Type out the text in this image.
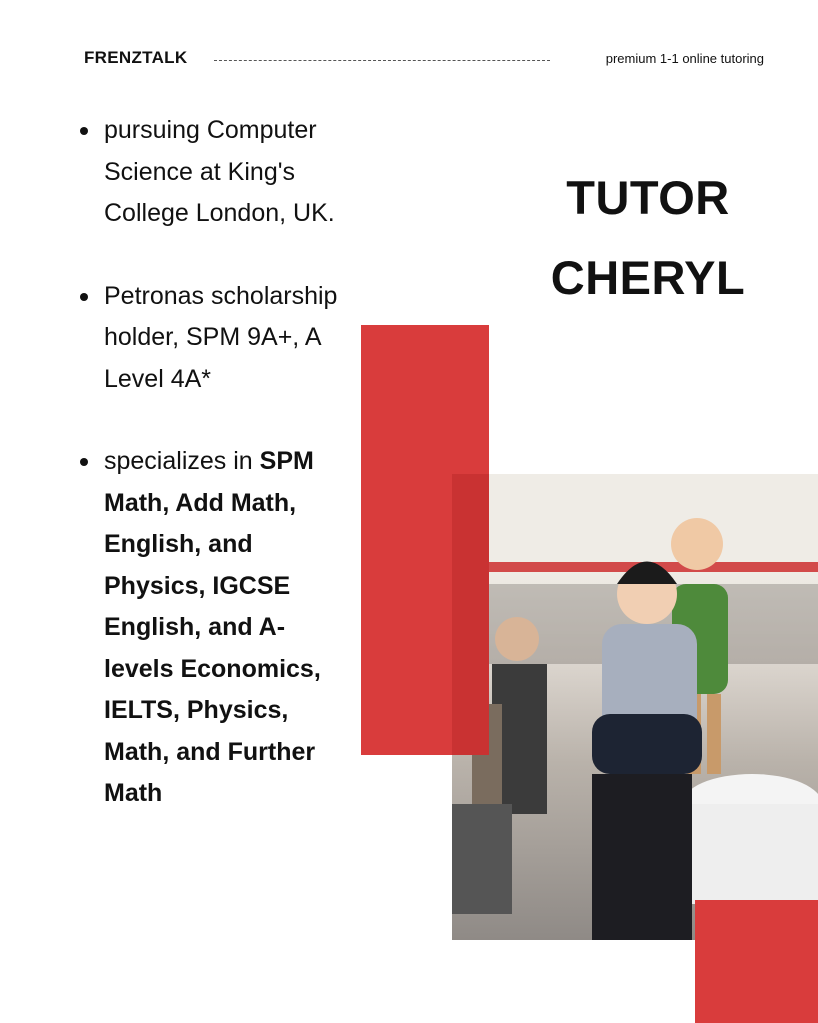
FRENZTALK	premium 1-1 online tutoring
pursuing Computer Science at King's College London, UK.
Petronas scholarship holder, SPM 9A+, A Level 4A*
specializes in SPM Math, Add Math, English, and Physics, IGCSE English, and A-levels Economics, IELTS, Physics, Math, and Further Math
TUTOR
CHERYL
